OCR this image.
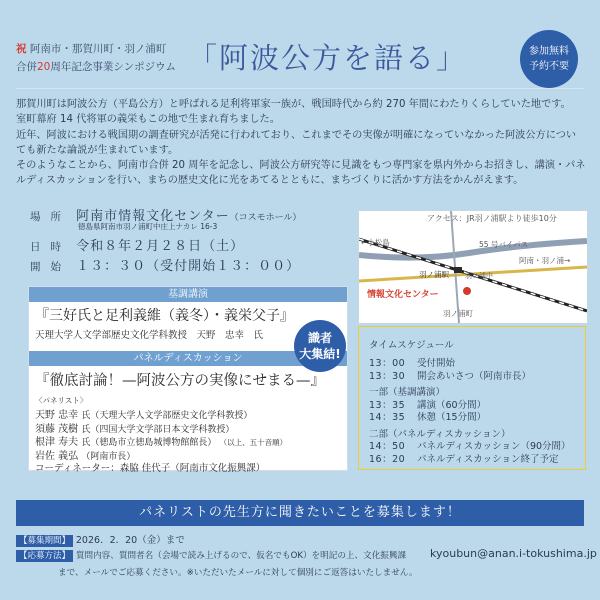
祝 阿南市・那賀川町・羽ノ浦町
合併20周年記念事業シンポジウム 「阿波公方を語る」	参加無料
予約不要
那賀川町は阿波公方（平島公方）と呼ばれる足利将軍家一族が、戦国時代から約 270 年間にわたりくらしていた地です。
室町幕府 14 代将軍の義栄もこの地で生まれ育ちました。
近年、阿波における戦国期の調査研究が活発に行われており、これまでその実像が明確になっていなかった阿波公方についても新たな論説が生まれています。
そのようなことから、阿南市合併 20 周年を記念し、阿波公方研究等に見識をもつ専門家を県内外からお招きし、講演・パネルディスカッションを行い、まちの歴史文化に光をあてるとともに、まちづくりに活かす方法をかんがえます。
場所 阿南市情報文化センター（コスモホール）
徳島県阿南市羽ノ浦町中庄上ナカレ 16-3
日時 令和８年２月２８日（土）
開始 １３：３０（受付開始１３：００）
アクセス：JR羽ノ浦駅より徒歩10分
←小松島	55 号バイパス
阿南・羽ノ浦→
羽ノ浦駅 羽ノ浦中
情報文化センター
羽ノ浦町
基調講演
『三好氏と足利義維（義冬）・義栄父子』
天理大学人文学部歴史文化学科教授　天野　忠幸　氏
パネルディスカッション
『徹底討論！—阿波公方の実像にせまる—』
〈パネリスト〉
天野 忠幸 氏（天理大学人文学部歴史文化学科教授）
須藤 茂樹 氏（四国大学文学部日本文学科教授）
根津 寿夫 氏（徳島市立徳島城博物館館長） （以上、五十音順）
岩佐 義弘 （阿南市長）
コーディネーター：森脇 佳代子（阿南市文化振興課）
識者
大集結!
タイムスケジュール
13：00 受付開始
13：30 開会あいさつ（阿南市長）
一部（基調講演）
13：35 講演（60分間）
14：35 休憩（15分間）
二部（パネルディスカッション）
14：50 パネルディスカッション（90分間）
16：20 パネルディスカッション終了予定
パネリストの先生方に聞きたいことを募集します！
【募集期間】 2026．2．20（金）まで
【応募方法】 質問内容、質問者名（会場で読み上げるので、仮名でもOK）を明記の上、文化振興課 kyoubun@anan.i-tokushima.jp
まで、メールでご応募ください。※いただいたメールに対して個別にご返答はいたしません。
